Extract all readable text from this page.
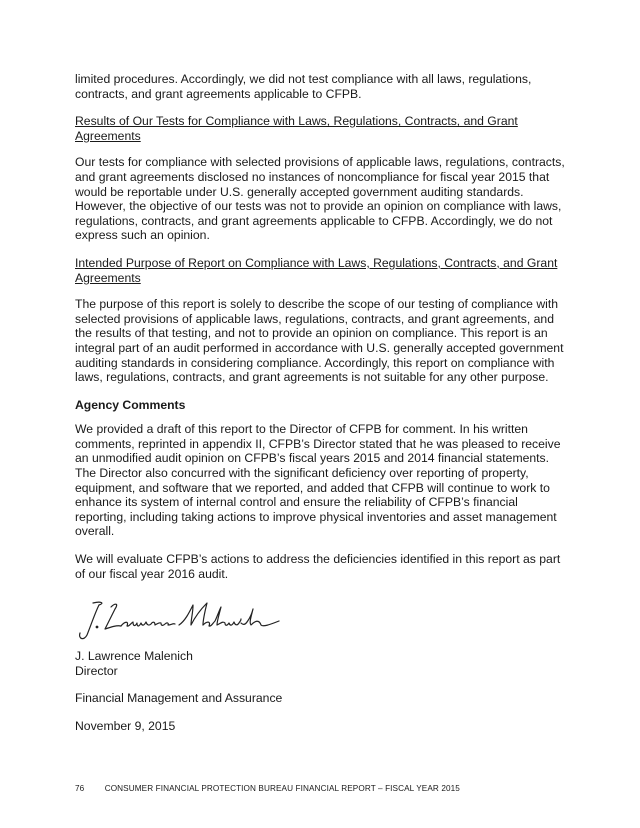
limited procedures. Accordingly, we did not test compliance with all laws, regulations, contracts, and grant agreements applicable to CFPB.

Results of Our Tests for Compliance with Laws, Regulations, Contracts, and Grant Agreements

Our tests for compliance with selected provisions of applicable laws, regulations, contracts, and grant agreements disclosed no instances of noncompliance for fiscal year 2015 that would be reportable under U.S. generally accepted government auditing standards. However, the objective of our tests was not to provide an opinion on compliance with laws, regulations, contracts, and grant agreements applicable to CFPB. Accordingly, we do not express such an opinion.

Intended Purpose of Report on Compliance with Laws, Regulations, Contracts, and Grant Agreements

The purpose of this report is solely to describe the scope of our testing of compliance with selected provisions of applicable laws, regulations, contracts, and grant agreements, and the results of that testing, and not to provide an opinion on compliance. This report is an integral part of an audit performed in accordance with U.S. generally accepted government auditing standards in considering compliance. Accordingly, this report on compliance with laws, regulations, contracts, and grant agreements is not suitable for any other purpose.

Agency Comments

We provided a draft of this report to the Director of CFPB for comment. In his written comments, reprinted in appendix II, CFPB’s Director stated that he was pleased to receive an unmodified audit opinion on CFPB’s fiscal years 2015 and 2014 financial statements. The Director also concurred with the significant deficiency over reporting of property, equipment, and software that we reported, and added that CFPB will continue to work to enhance its system of internal control and ensure the reliability of CFPB’s financial reporting, including taking actions to improve physical inventories and asset management overall.

We will evaluate CFPB’s actions to address the deficiencies identified in this report as part of our fiscal year 2016 audit.

J. Lawrence Malenich
Director

Financial Management and Assurance

November 9, 2015

76 CONSUMER FINANCIAL PROTECTION BUREAU FINANCIAL REPORT – FISCAL YEAR 2015
